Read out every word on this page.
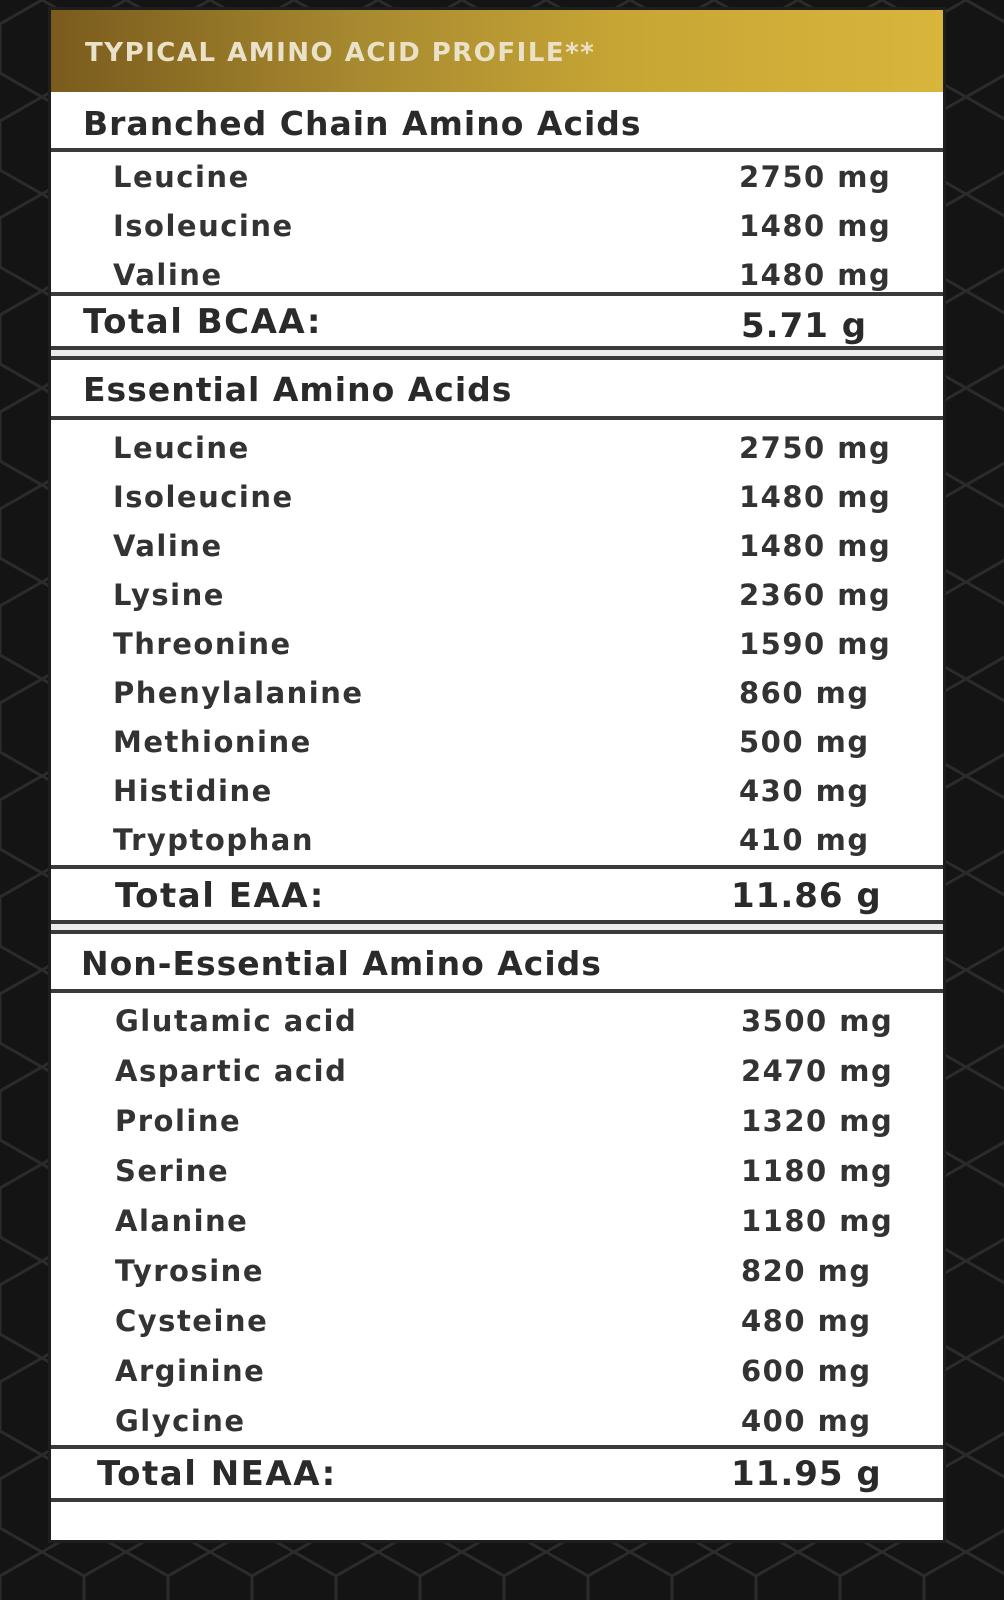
TYPICAL AMINO ACID PROFILE**
Branched Chain Amino Acids
Leucine	2750 mg
Isoleucine	1480 mg
Valine	1480 mg
Total BCAA:	5.71 g
Essential Amino Acids
Leucine	2750 mg
Isoleucine	1480 mg
Valine	1480 mg
Lysine	2360 mg
Threonine	1590 mg
Phenylalanine	860 mg
Methionine	500 mg
Histidine	430 mg
Tryptophan	410 mg
Total EAA:	11.86 g
Non-Essential Amino Acids
Glutamic acid	3500 mg
Aspartic acid	2470 mg
Proline	1320 mg
Serine	1180 mg
Alanine	1180 mg
Tyrosine	820 mg
Cysteine	480 mg
Arginine	600 mg
Glycine	400 mg
Total NEAA:	11.95 g
